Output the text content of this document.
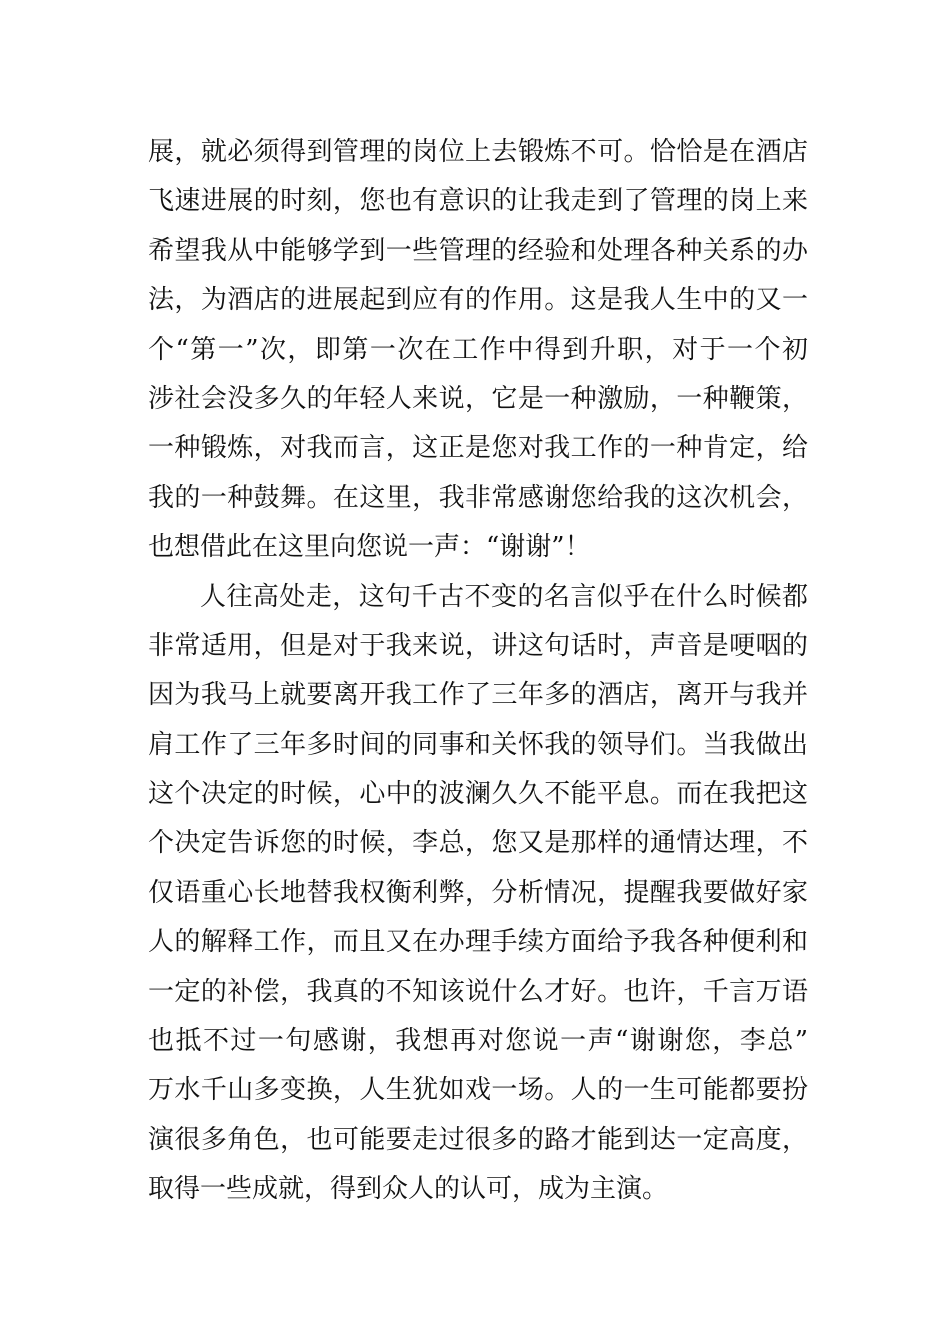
展，就必须得到管理的岗位上去锻炼不可。恰恰是在酒店
飞速进展的时刻，您也有意识的让我走到了管理的岗上来
希望我从中能够学到一些管理的经验和处理各种关系的办
法，为酒店的进展起到应有的作用。这是我人生中的又一
个“第一”次，即第一次在工作中得到升职，对于一个初
涉社会没多久的年轻人来说，它是一种激励，一种鞭策，
一种锻炼，对我而言，这正是您对我工作的一种肯定，给
我的一种鼓舞。在这里，我非常感谢您给我的这次机会，
也想借此在这里向您说一声：“谢谢”！
人往高处走，这句千古不变的名言似乎在什么时候都
非常适用，但是对于我来说，讲这句话时，声音是哽咽的
因为我马上就要离开我工作了三年多的酒店，离开与我并
肩工作了三年多时间的同事和关怀我的领导们。当我做出
这个决定的时候，心中的波澜久久不能平息。而在我把这
个决定告诉您的时候，李总，您又是那样的通情达理，不
仅语重心长地替我权衡利弊，分析情况，提醒我要做好家
人的解释工作，而且又在办理手续方面给予我各种便利和
一定的补偿，我真的不知该说什么才好。也许，千言万语
也抵不过一句感谢，我想再对您说一声“谢谢您，李总”
万水千山多变换，人生犹如戏一场。人的一生可能都要扮
演很多角色，也可能要走过很多的路才能到达一定高度，
取得一些成就，得到众人的认可，成为主演。
